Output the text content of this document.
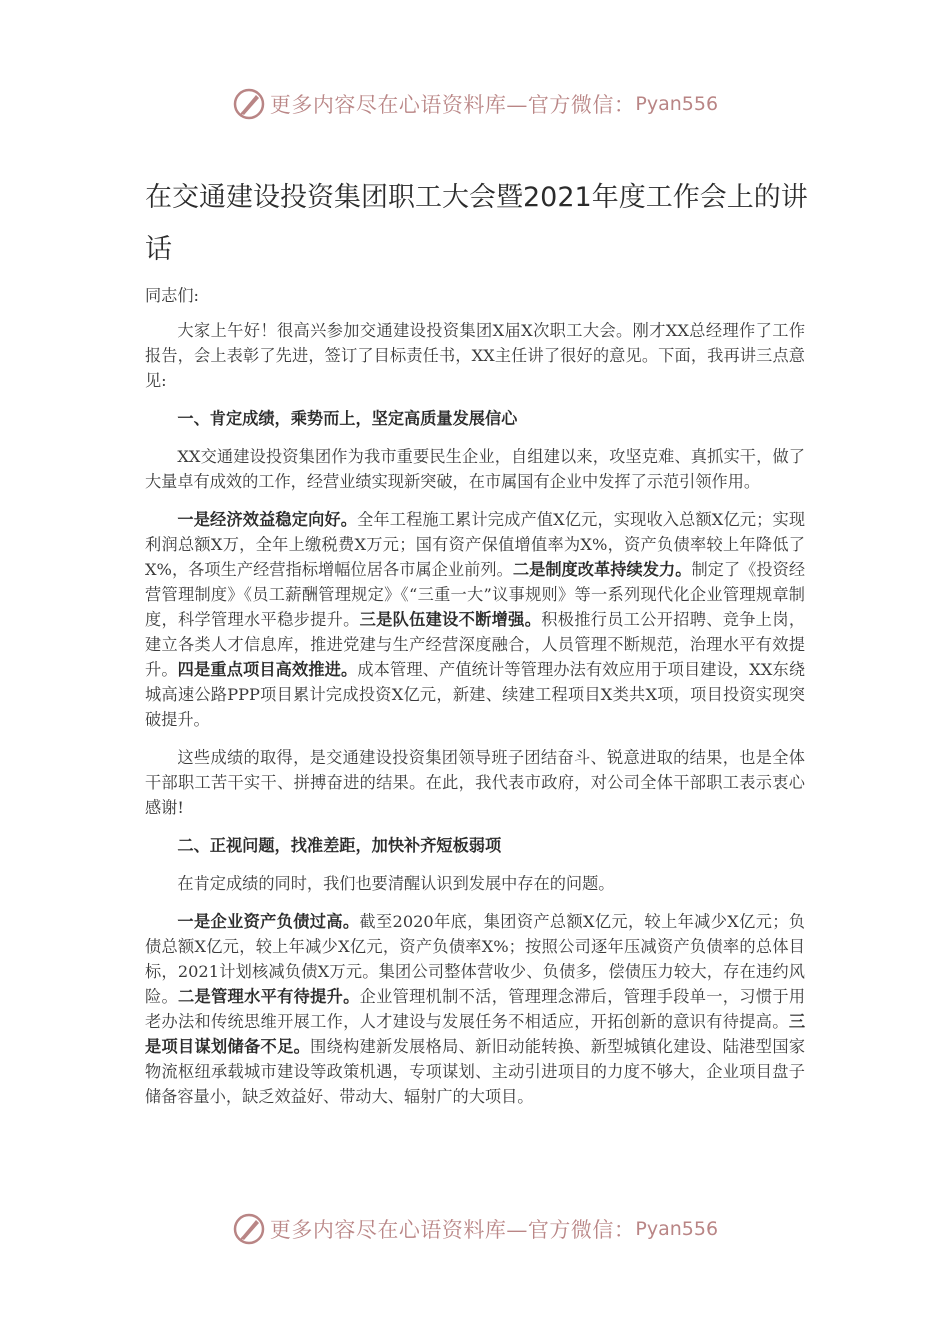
更多内容尽在心语资料库—官方微信： Pyan556
在交通建设投资集团职工大会暨2021年度工作会上的讲话

同志们:

大家上午好！很高兴参加交通建设投资集团X届X次职工大会。刚才XX总经理作了工作报告，会上表彰了先进，签订了目标责任书，XX主任讲了很好的意见。下面，我再讲三点意见:

一、肯定成绩，乘势而上，坚定高质量发展信心

XX交通建设投资集团作为我市重要民生企业，自组建以来，攻坚克难、真抓实干，做了大量卓有成效的工作，经营业绩实现新突破，在市属国有企业中发挥了示范引领作用。

一是经济效益稳定向好。全年工程施工累计完成产值X亿元，实现收入总额X亿元；实现利润总额X万，全年上缴税费X万元；国有资产保值增值率为X%，资产负债率较上年降低了X%，各项生产经营指标增幅位居各市属企业前列。二是制度改革持续发力。制定了《投资经营管理制度》《员工薪酬管理规定》《“三重一大”议事规则》等一系列现代化企业管理规章制度，科学管理水平稳步提升。三是队伍建设不断增强。积极推行员工公开招聘、竞争上岗，建立各类人才信息库，推进党建与生产经营深度融合，人员管理不断规范，治理水平有效提升。四是重点项目高效推进。成本管理、产值统计等管理办法有效应用于项目建设，XX东绕城高速公路PPP项目累计完成投资X亿元，新建、续建工程项目X类共X项，项目投资实现突破提升。

这些成绩的取得，是交通建设投资集团领导班子团结奋斗、锐意进取的结果，也是全体干部职工苦干实干、拼搏奋进的结果。在此，我代表市政府，对公司全体干部职工表示衷心感谢!

二、正视问题，找准差距，加快补齐短板弱项

在肯定成绩的同时，我们也要清醒认识到发展中存在的问题。

一是企业资产负债过高。截至2020年底，集团资产总额X亿元，较上年减少X亿元；负债总额X亿元，较上年减少X亿元，资产负债率X%；按照公司逐年压减资产负债率的总体目标，2021计划核减负债X万元。集团公司整体营收少、负债多，偿债压力较大，存在违约风险。二是管理水平有待提升。企业管理机制不活，管理理念滞后，管理手段单一，习惯于用老办法和传统思维开展工作，人才建设与发展任务不相适应，开拓创新的意识有待提高。三是项目谋划储备不足。围绕构建新发展格局、新旧动能转换、新型城镇化建设、陆港型国家物流枢纽承载城市建设等政策机遇，专项谋划、主动引进项目的力度不够大，企业项目盘子储备容量小，缺乏效益好、带动大、辐射广的大项目。

更多内容尽在心语资料库—官方微信： Pyan556
